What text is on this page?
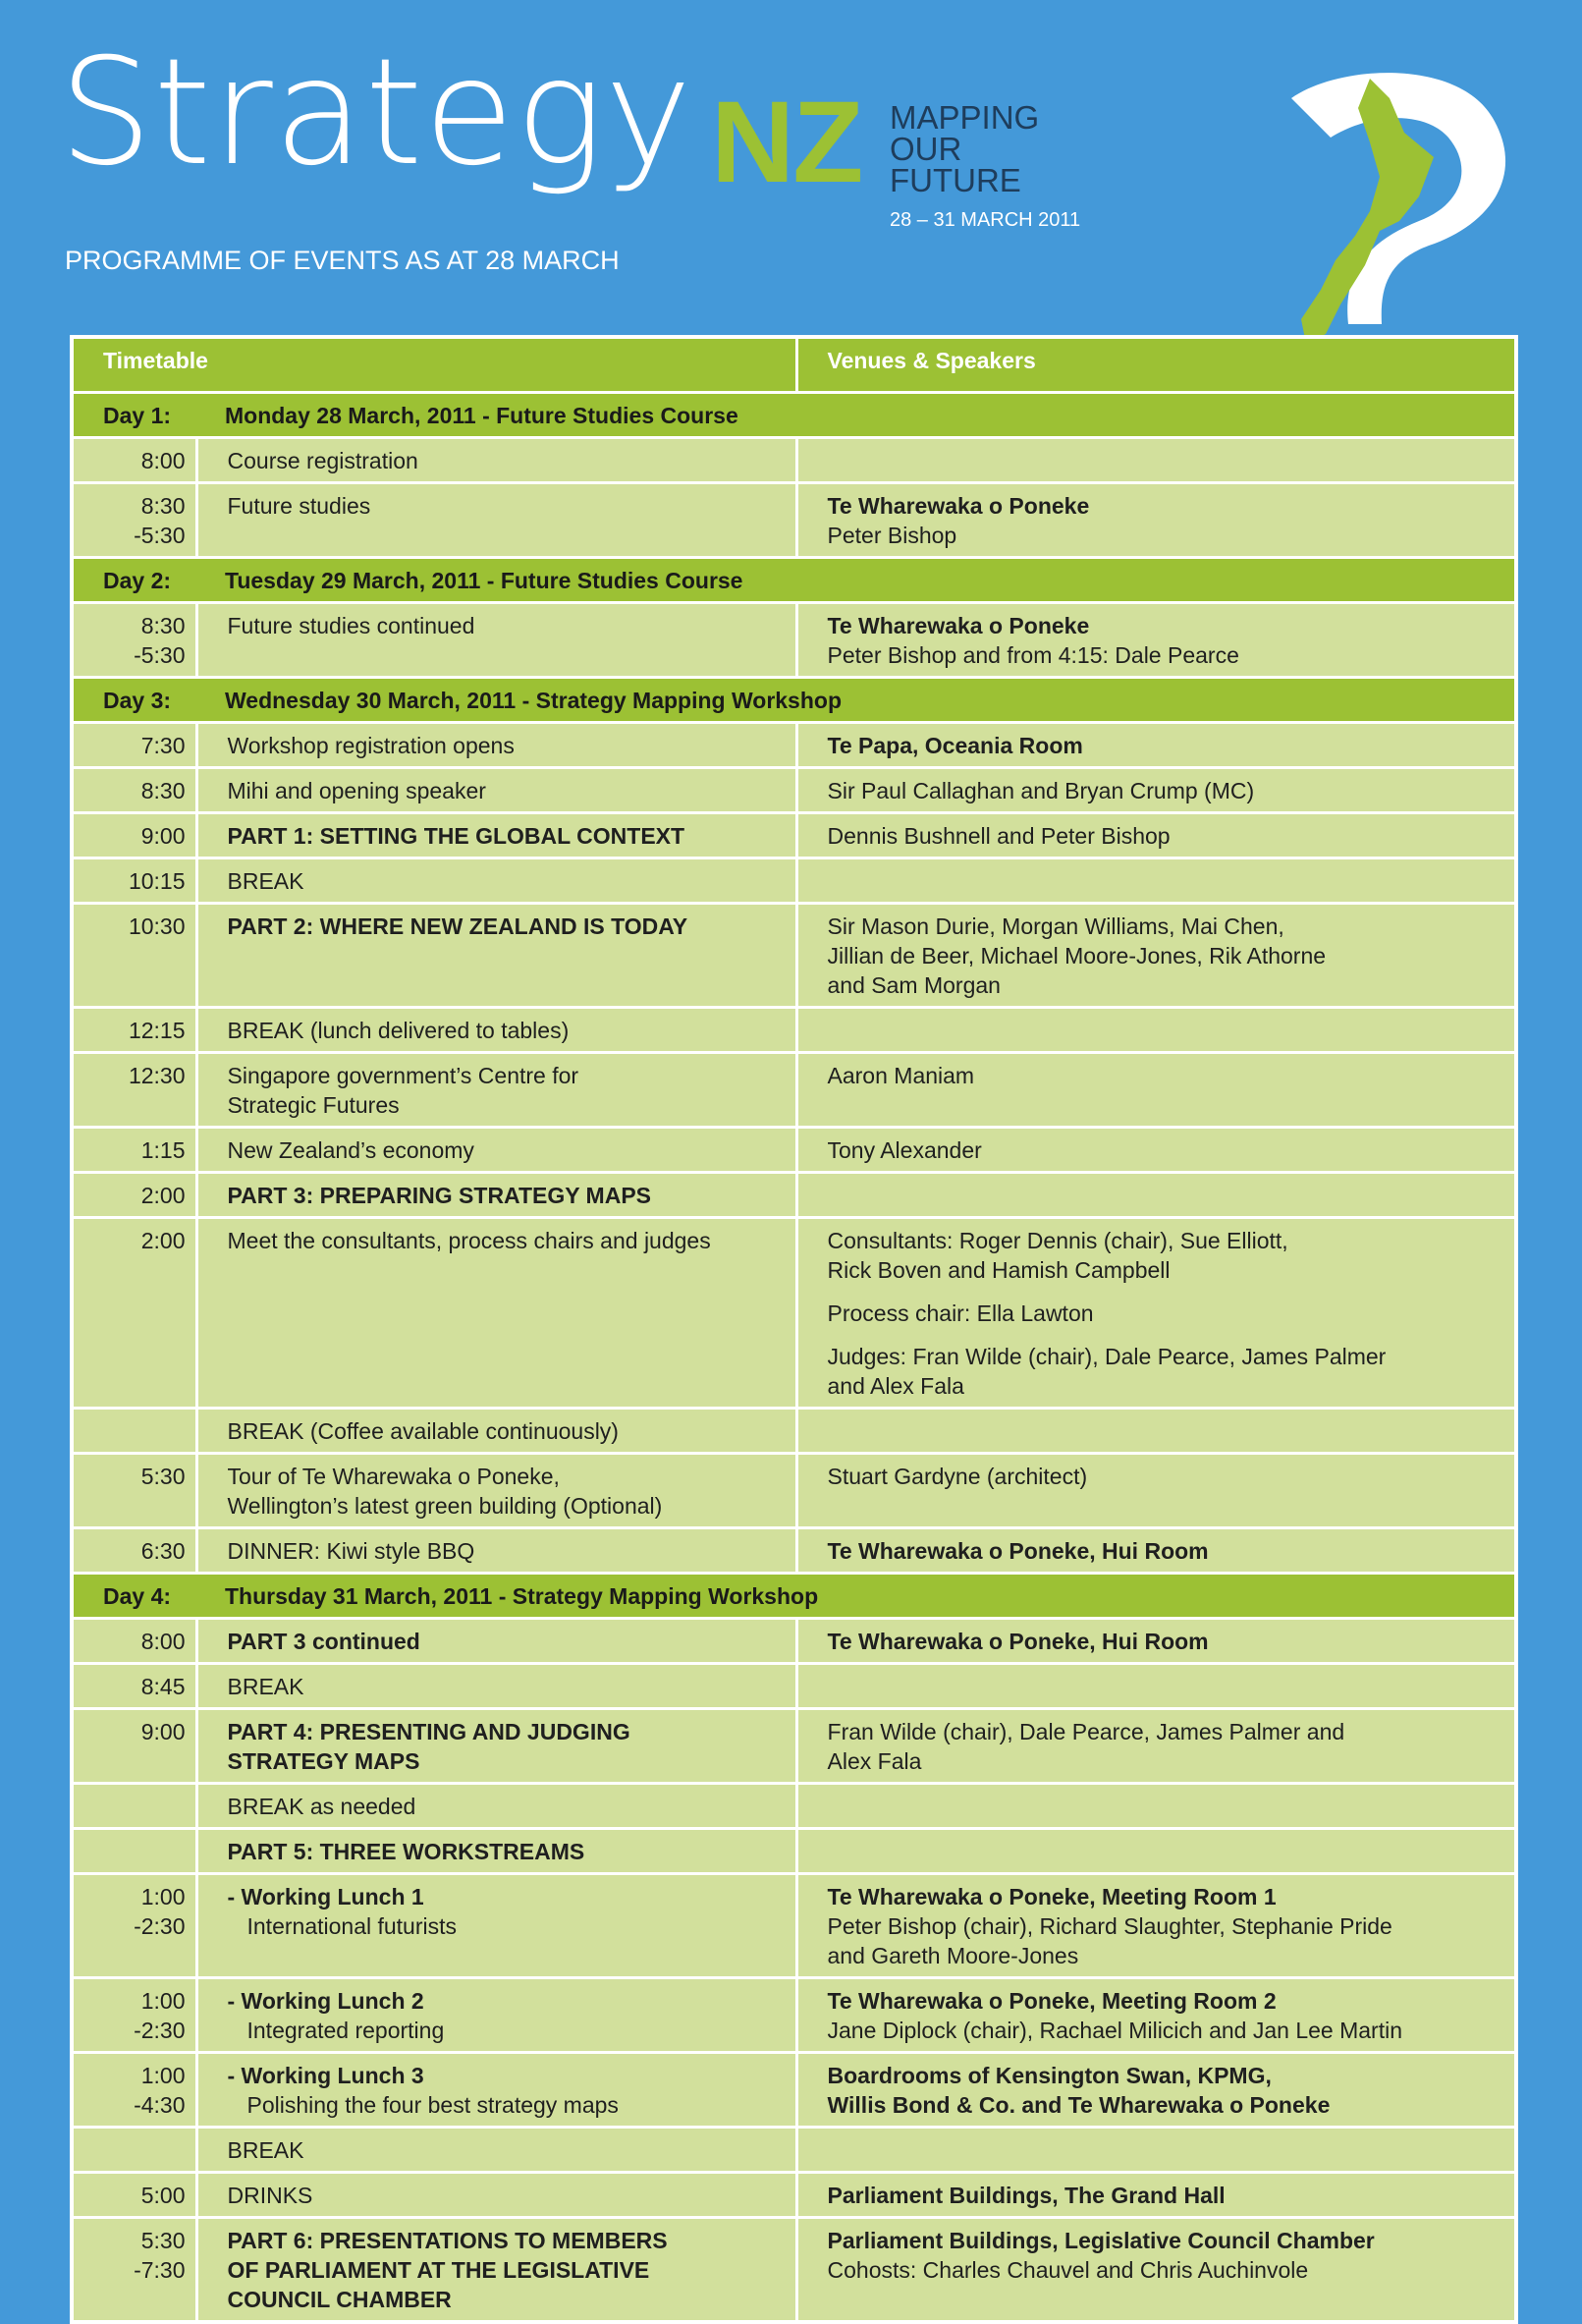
Strategy NZ MAPPING
OUR
FUTURE
28 – 31 MARCH 2011
PROGRAMME OF EVENTS AS AT 28 MARCH
Timetable		Venues & Speakers
Day 1: Monday 28 March, 2011 - Future Studies Course		
8:00	Course registration	

8:30
-5:30	Future studies	Te Wharewaka o Poneke
Peter Bishop

Day 2: Tuesday 29 March, 2011 - Future Studies Course		
8:30
-5:30	Future studies continued	Te Wharewaka o Poneke
Peter Bishop and from 4:15: Dale Pearce

Day 3: Wednesday 30 March, 2011 - Strategy Mapping Workshop		
7:30	Workshop registration opens	Te Papa, Oceania Room

8:30	Mihi and opening speaker	Sir Paul Callaghan and Bryan Crump (MC)

9:00	PART 1: SETTING THE GLOBAL CONTEXT	Dennis Bushnell and Peter Bishop

10:15	BREAK	

10:30	PART 2: WHERE NEW ZEALAND IS TODAY	Sir Mason Durie, Morgan Williams, Mai Chen,
Jillian de Beer, Michael Moore-Jones, Rik Athorne
and Sam Morgan

12:15	BREAK (lunch delivered to tables)	

12:30	Singapore government’s Centre for
Strategic Futures	Aaron Maniam

1:15	New Zealand’s economy	Tony Alexander

2:00	PART 3: PREPARING STRATEGY MAPS	

2:00	Meet the consultants, process chairs and judges	Consultants: Roger Dennis (chair), Sue Elliott,
Rick Boven and Hamish Campbell
Process chair: Ella Lawton
Judges: Fran Wilde (chair), Dale Pearce, James Palmer
and Alex Fala

	BREAK (Coffee available continuously)	

5:30	Tour of Te Wharewaka o Poneke,
Wellington’s latest green building (Optional)	Stuart Gardyne (architect)

6:30	DINNER: Kiwi style BBQ	Te Wharewaka o Poneke, Hui Room

Day 4: Thursday 31 March, 2011 - Strategy Mapping Workshop		
8:00	PART 3 continued	Te Wharewaka o Poneke, Hui Room

8:45	BREAK	

9:00	PART 4: PRESENTING AND JUDGING
STRATEGY MAPS	Fran Wilde (chair), Dale Pearce, James Palmer and
Alex Fala

	BREAK as needed	

	PART 5: THREE WORKSTREAMS	

1:00
-2:30	- Working Lunch 1
International futurists	Te Wharewaka o Poneke, Meeting Room 1
Peter Bishop (chair), Richard Slaughter, Stephanie Pride
and Gareth Moore-Jones

1:00
-2:30	- Working Lunch 2
Integrated reporting	Te Wharewaka o Poneke, Meeting Room 2
Jane Diplock (chair), Rachael Milicich and Jan Lee Martin

1:00
-4:30	- Working Lunch 3
Polishing the four best strategy maps	Boardrooms of Kensington Swan, KPMG,
Willis Bond & Co. and Te Wharewaka o Poneke

	BREAK	

5:00	DRINKS	Parliament Buildings, The Grand Hall

5:30
-7:30	PART 6: PRESENTATIONS TO MEMBERS
OF PARLIAMENT AT THE LEGISLATIVE
COUNCIL CHAMBER	Parliament Buildings, Legislative Council Chamber
Cohosts: Charles Chauvel and Chris Auchinvole
